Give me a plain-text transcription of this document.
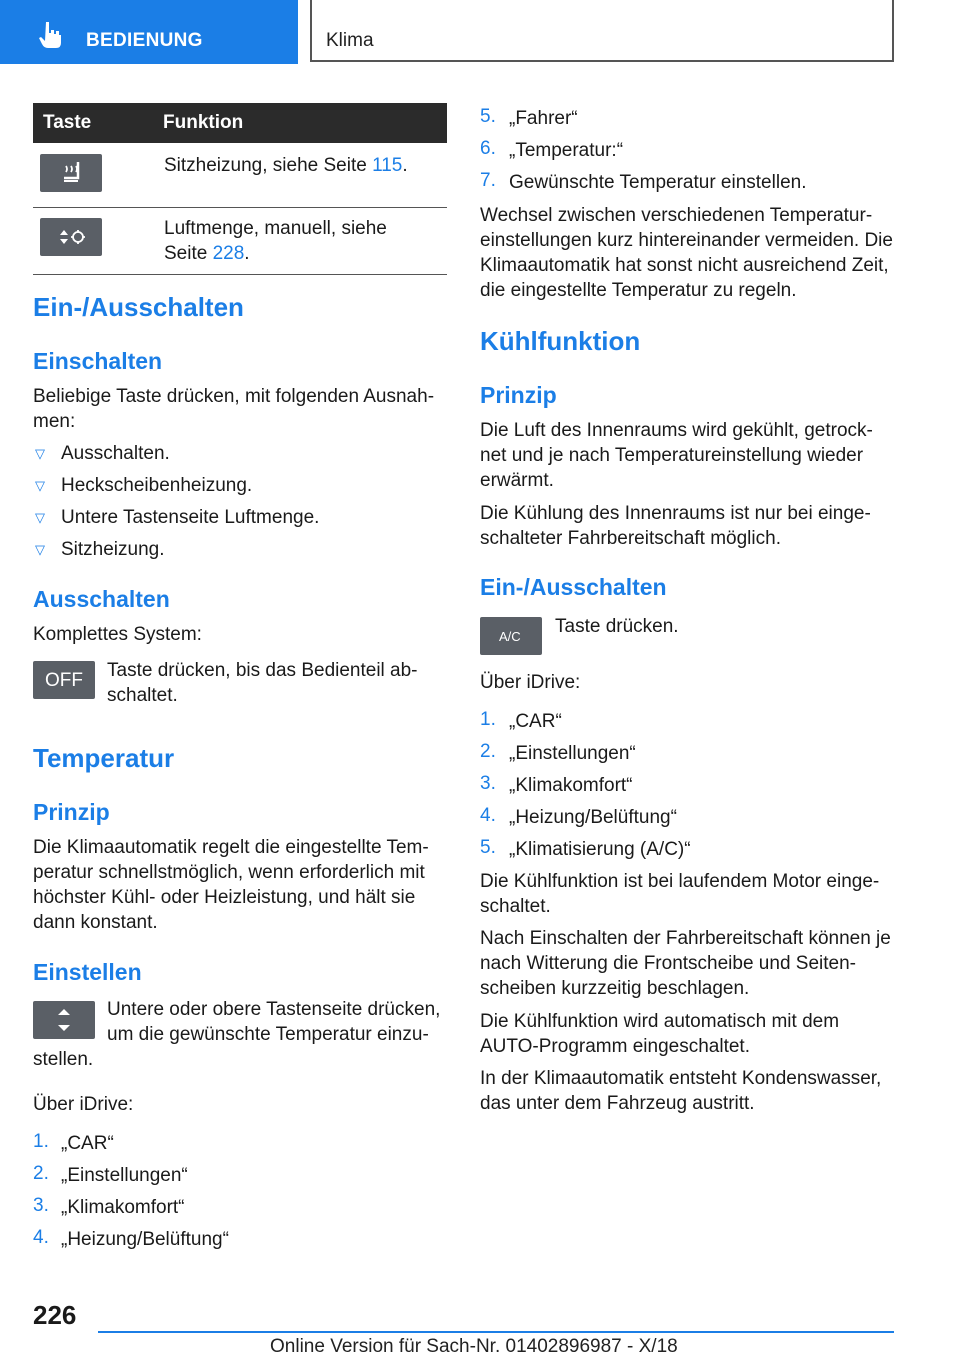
BEDIENUNG	Klima
Taste	Funktion

	Sitzheizung, siehe Seite 115.

Luftmenge, manuell, siehe
Seite 228.
Ein-/Ausschalten
Einschalten
Beliebige Taste drücken, mit folgenden Ausnah-
men:
▽ Ausschalten.
▽ Heckscheibenheizung.
▽ Untere Tastenseite Luftmenge.
▽ Sitzheizung.
Ausschalten
Komplettes System:
OFF Taste drücken, bis das Bedienteil ab-
schaltet.
Temperatur
Prinzip
Die Klimaautomatik regelt die eingestellte Tem-
peratur schnellstmöglich, wenn erforderlich mit
höchster Kühl- oder Heizleistung, und hält sie
dann konstant.
Einstellen
Untere oder obere Tastenseite drücken,
um die gewünschte Temperatur einzu-
stellen.
Über iDrive:
1. „CAR“
2. „Einstellungen“
3. „Klimakomfort“
4. „Heizung/Belüftung“
5. „Fahrer“
6. „Temperatur:“
7. Gewünschte Temperatur einstellen.
Wechsel zwischen verschiedenen Temperatur-
einstellungen kurz hintereinander vermeiden. Die
Klimaautomatik hat sonst nicht ausreichend Zeit,
die eingestellte Temperatur zu regeln.
Kühlfunktion
Prinzip
Die Luft des Innenraums wird gekühlt, getrock-
net und je nach Temperatureinstellung wieder
erwärmt.
Die Kühlung des Innenraums ist nur bei einge-
schalteter Fahrbereitschaft möglich.
Ein-/Ausschalten
A/C Taste drücken.
Über iDrive:
1. „CAR“
2. „Einstellungen“
3. „Klimakomfort“
4. „Heizung/Belüftung“
5. „Klimatisierung (A/C)“
Die Kühlfunktion ist bei laufendem Motor einge-
schaltet.
Nach Einschalten der Fahrbereitschaft können je
nach Witterung die Frontscheibe und Seiten-
scheiben kurzzeitig beschlagen.
Die Kühlfunktion wird automatisch mit dem
AUTO-Programm eingeschaltet.
In der Klimaautomatik entsteht Kondenswasser,
das unter dem Fahrzeug austritt.
226
Online Version für Sach-Nr. 01402896987 - X/18
